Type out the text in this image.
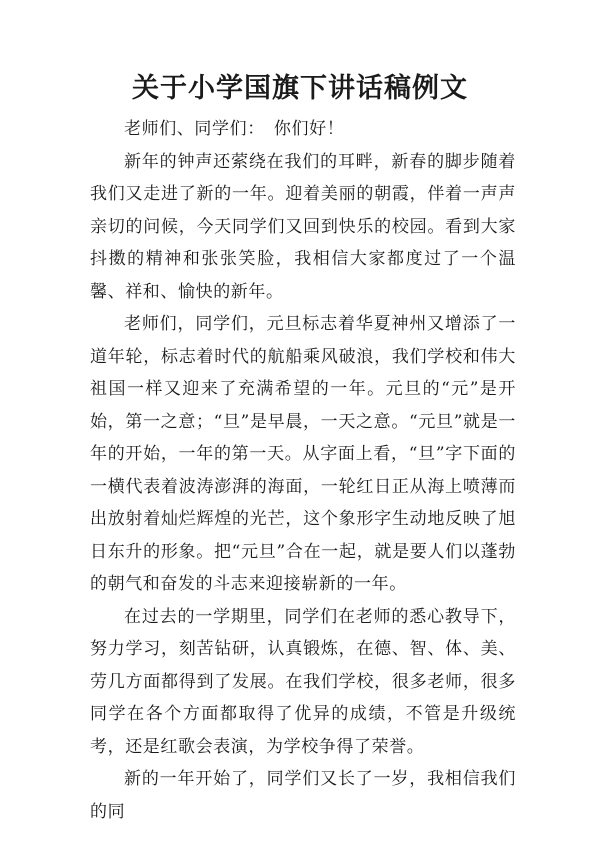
关于小学国旗下讲话稿例文

老师们、同学们：　你们好！

新年的钟声还萦绕在我们的耳畔，新春的脚步随着我们又走进了新的一年。迎着美丽的朝霞，伴着一声声亲切的问候，今天同学们又回到快乐的校园。看到大家抖擞的精神和张张笑脸，我相信大家都度过了一个温馨、祥和、愉快的新年。

老师们，同学们，元旦标志着华夏神州又增添了一道年轮，标志着时代的航船乘风破浪，我们学校和伟大祖国一样又迎来了充满希望的一年。元旦的“元”是开始，第一之意；“旦”是早晨，一天之意。“元旦”就是一年的开始，一年的第一天。从字面上看，“旦”字下面的一横代表着波涛澎湃的海面，一轮红日正从海上喷薄而出放射着灿烂辉煌的光芒，这个象形字生动地反映了旭日东升的形象。把“元旦”合在一起，就是要人们以蓬勃的朝气和奋发的斗志来迎接崭新的一年。

在过去的一学期里，同学们在老师的悉心教导下，努力学习，刻苦钻研，认真锻炼，在德、智、体、美、劳几方面都得到了发展。在我们学校，很多老师，很多同学在各个方面都取得了优异的成绩，不管是升级统考，还是红歌会表演，为学校争得了荣誉。

新的一年开始了，同学们又长了一岁，我相信我们的同
